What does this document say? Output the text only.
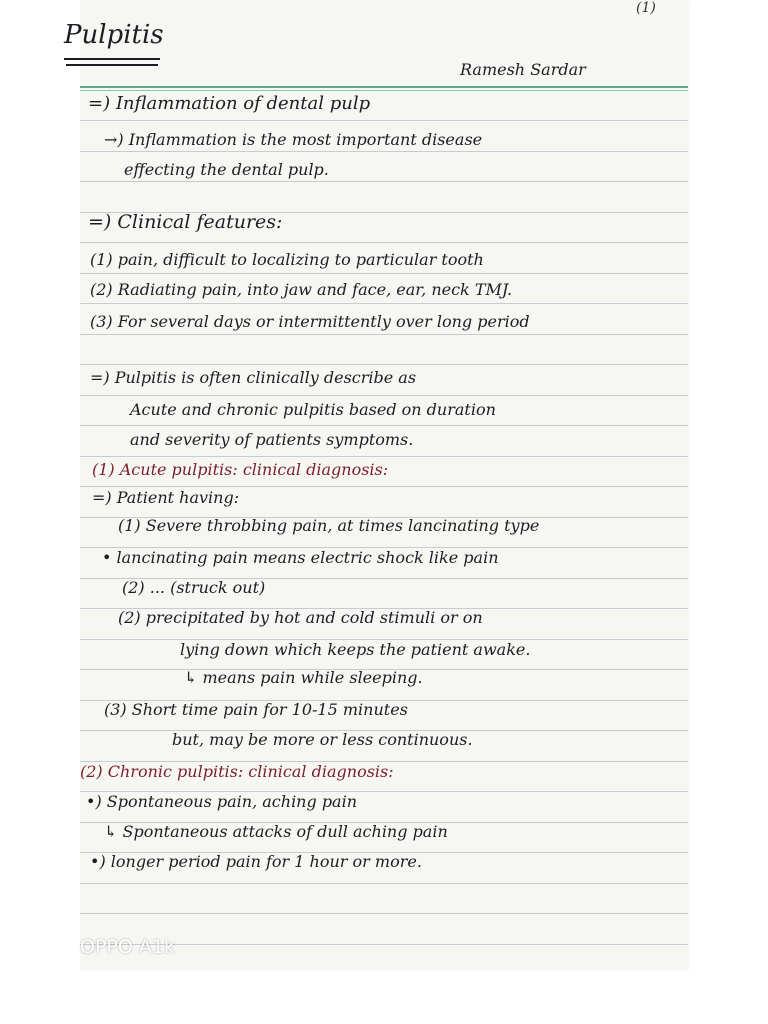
(1)
Pulpitis
Ramesh Sardar
=) Inflammation of dental pulp
→) Inflammation is the most important disease
effecting the dental pulp.
=) Clinical features:
(1) pain, difficult to localizing to particular tooth
(2) Radiating pain, into jaw and face, ear, neck TMJ.
(3) For several days or intermittently over long period
=) Pulpitis is often clinically describe as
Acute and chronic pulpitis based on duration
and severity of patients symptoms.
(1) Acute pulpitis: clinical diagnosis:
=) Patient having:
(1) Severe throbbing pain, at times lancinating type
• lancinating pain means electric shock like pain
(2) ... (struck out)
(2) precipitated by hot and cold stimuli or on
lying down which keeps the patient awake.
↳ means pain while sleeping.
(3) Short time pain for 10-15 minutes
but, may be more or less continuous.
(2) Chronic pulpitis: clinical diagnosis:
•) Spontaneous pain, aching pain
↳ Spontaneous attacks of dull aching pain
•) longer period pain for 1 hour or more.
OPPO A1k
